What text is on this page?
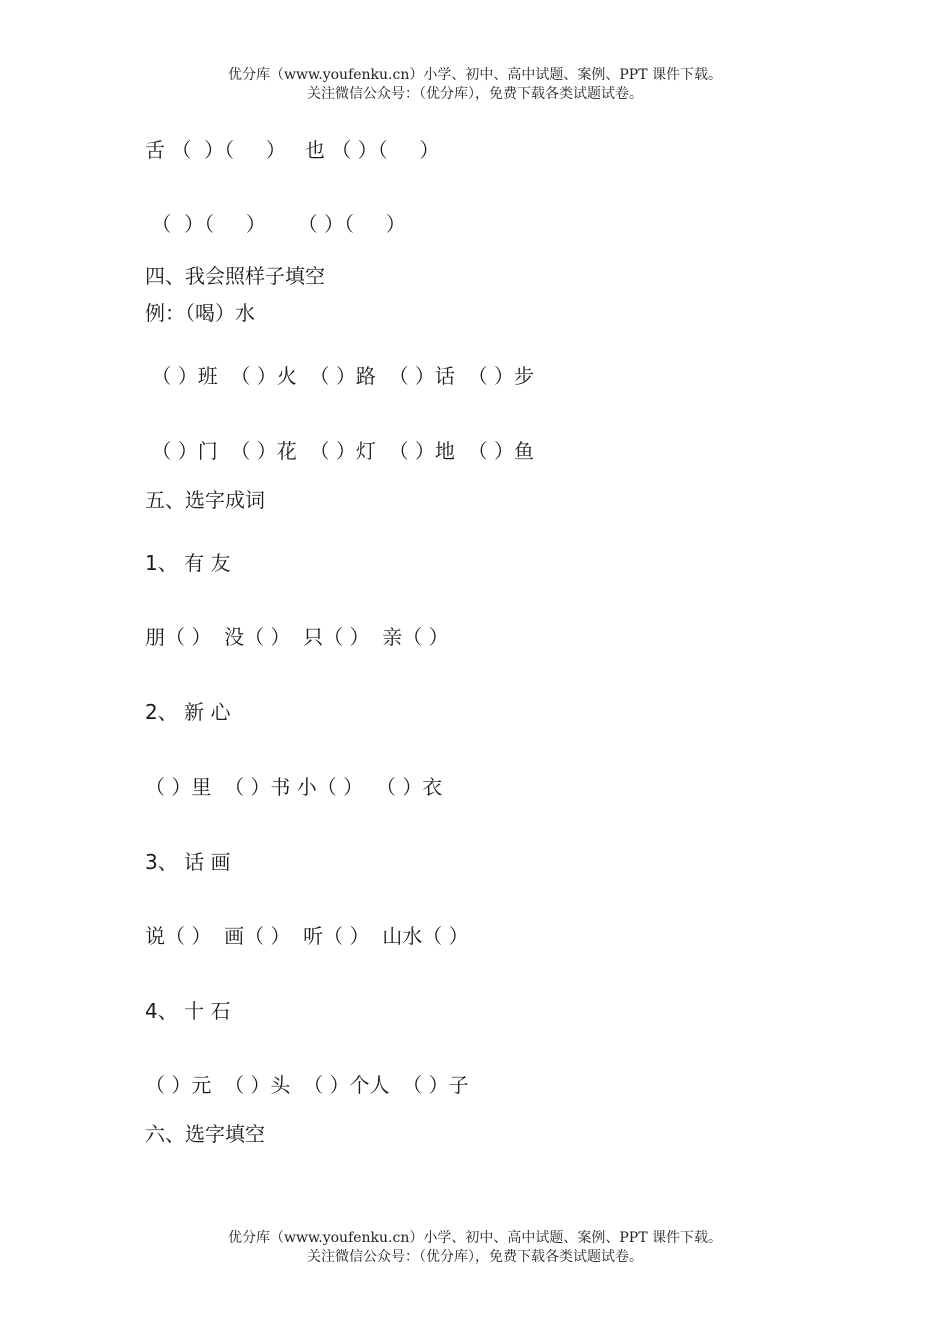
优分库（www.youfenku.cn）小学、初中、高中试题、案例、PPT 课件下载。
关注微信公众号：（优分库），免费下载各类试题试卷。
舌 （  ）（     ）   也 （ ）（     ）
（  ）（     ）     （ ）（     ）
四、我会照样子填空
例：（喝）水
（ ）班  （ ）火  （ ）路  （ ）话  （ ）步
（ ）门  （ ）花  （ ）灯  （ ）地  （ ）鱼
五、选字成词
1、 有 友
朋（ ）  没（ ）  只（ ）  亲（ ）
2、 新 心
（ ）里  （ ）书 小（ ）  （ ）衣
3、 话 画
说（ ）  画（ ）  听（ ）  山水（ ）
4、 十 石
（ ）元  （ ）头  （ ）个人  （ ）子
六、选字填空
优分库（www.youfenku.cn）小学、初中、高中试题、案例、PPT 课件下载。
关注微信公众号：（优分库），免费下载各类试题试卷。
